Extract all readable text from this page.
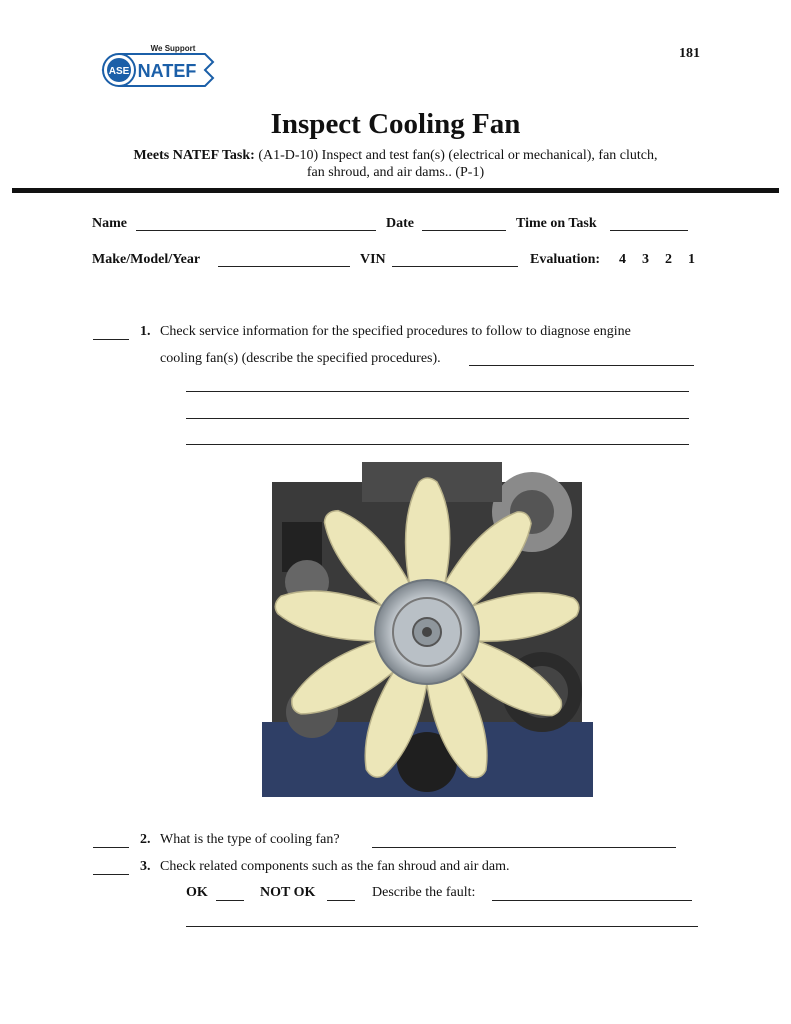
ASE NATEF
We Support	181
Inspect Cooling Fan
Meets NATEF Task: (A1-D-10) Inspect and test fan(s) (electrical or mechanical), fan clutch,
fan shroud, and air dams.. (P-1)
Name	Date	Time on Task
Make/Model/Year	VIN	Evaluation: 4 3 2 1
1. Check service information for the specified procedures to follow to diagnose engine
cooling fan(s) (describe the specified procedures).
2. What is the type of cooling fan?
3. Check related components such as the fan shroud and air dam.
OK	NOT OK	Describe the fault:
